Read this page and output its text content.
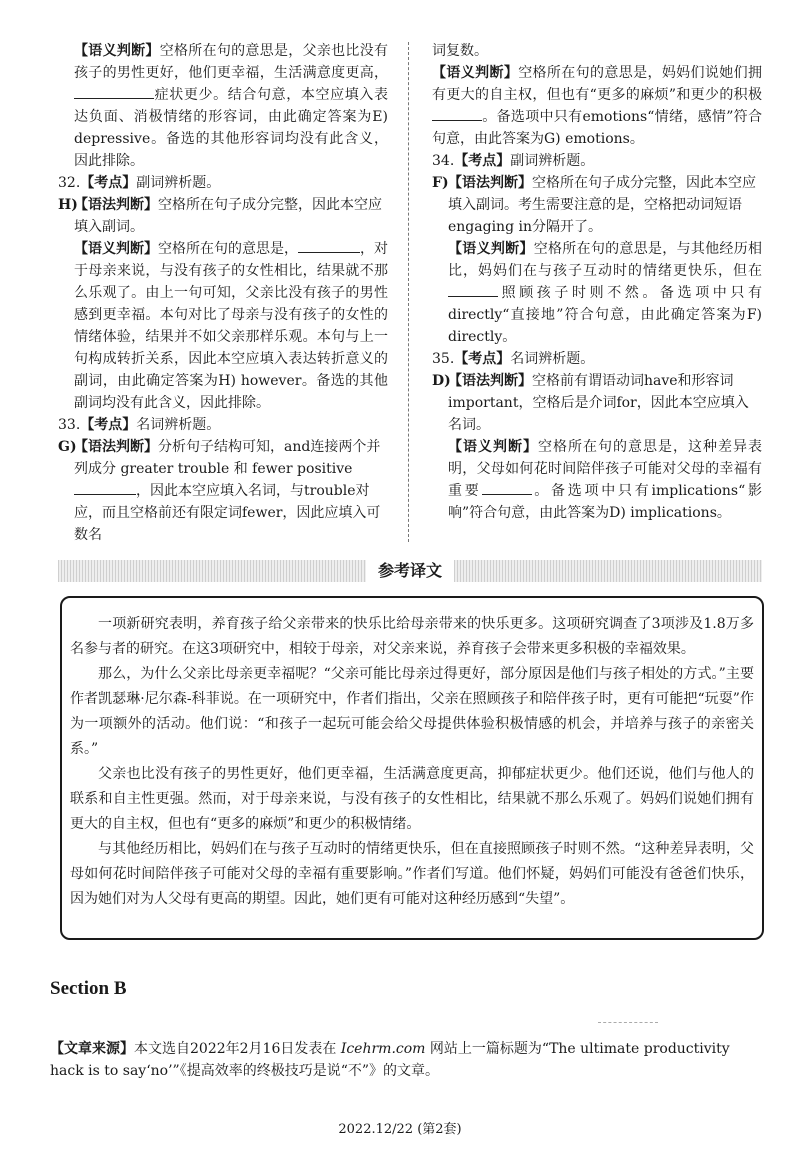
【语义判断】空格所在句的意思是，父亲也比没有孩子的男性更好，他们更幸福，生活满意度更高，症状更少。结合句意，本空应填入表达负面、消极情绪的形容词，由此确定答案为E) depressive。备选的其他形容词均没有此含义，因此排除。

32.【考点】副词辨析题。

H)
【语法判断】空格所在句子成分完整，因此本空应填入副词。

【语义判断】空格所在句的意思是，	，对于母亲来说，与没有孩子的女性相比，结果就不那么乐观了。由上一句可知，父亲比没有孩子的男性感到更幸福。本句对比了母亲与没有孩子的女性的情绪体验，结果并不如父亲那样乐观。本句与上一句构成转折关系，因此本空应填入表达转折意义的副词，由此确定答案为H) however。备选的其他副词均没有此含义，因此排除。

33.【考点】名词辨析题。

G)
【语法判断】分析句子结构可知，and连接两个并列成分 greater trouble 和 fewer positive，因此本空应填入名词，与trouble对应，而且空格前还有限定词fewer，因此应填入可数名

词复数。

【语义判断】空格所在句的意思是，妈妈们说她们拥有更大的自主权，但也有“更多的麻烦”和更少的积极。备选项中只有emotions“情绪，感情”符合句意，由此答案为G) emotions。

34.【考点】副词辨析题。

F) 【语法判断】空格所在句子成分完整，因此本空应填入副词。考生需要注意的是，空格把动词短语engaging in分隔开了。

【语义判断】空格所在句的意思是，与其他经历相比，妈妈们在与孩子互动时的情绪更快乐，但在照顾孩子时则不然。备选项中只有directly“直接地”符合句意，由此确定答案为F) directly。

35.【考点】名词辨析题。

D)
【语法判断】空格前有谓语动词have和形容词important，空格后是介词for，因此本空应填入名词。

【语义判断】空格所在句的意思是，这种差异表明，父母如何花时间陪伴孩子可能对父母的幸福有重要	。备选项中只有implications“影响”符合句意，由此答案为D) implications。

参考译文

一项新研究表明，养育孩子给父亲带来的快乐比给母亲带来的快乐更多。这项研究调查了3项涉及1.8万多名参与者的研究。在这3项研究中，相较于母亲，对父亲来说，养育孩子会带来更多积极的幸福效果。

那么，为什么父亲比母亲更幸福呢？“父亲可能比母亲过得更好，部分原因是他们与孩子相处的方式。”主要作者凯瑟琳·尼尔森-科菲说。在一项研究中，作者们指出，父亲在照顾孩子和陪伴孩子时，更有可能把“玩耍”作为一项额外的活动。他们说：“和孩子一起玩可能会给父母提供体验积极情感的机会，并培养与孩子的亲密关系。”

父亲也比没有孩子的男性更好，他们更幸福，生活满意度更高，抑郁症状更少。他们还说，他们与他人的联系和自主性更强。然而，对于母亲来说，与没有孩子的女性相比，结果就不那么乐观了。妈妈们说她们拥有更大的自主权，但也有“更多的麻烦”和更少的积极情绪。

与其他经历相比，妈妈们在与孩子互动时的情绪更快乐，但在直接照顾孩子时则不然。“这种差异表明，父母如何花时间陪伴孩子可能对父母的幸福有重要影响。”作者们写道。他们怀疑，妈妈们可能没有爸爸们快乐，因为她们对为人父母有更高的期望。因此，她们更有可能对这种经历感到“失望”。

Section B
【文章来源】本文选自2022年2月16日发表在 Icehrm.com 网站上一篇标题为“The ultimate productivity hack is to say‘no’”《提高效率的终极技巧是说“不”》的文章。
2022.12/22 (第2套)
